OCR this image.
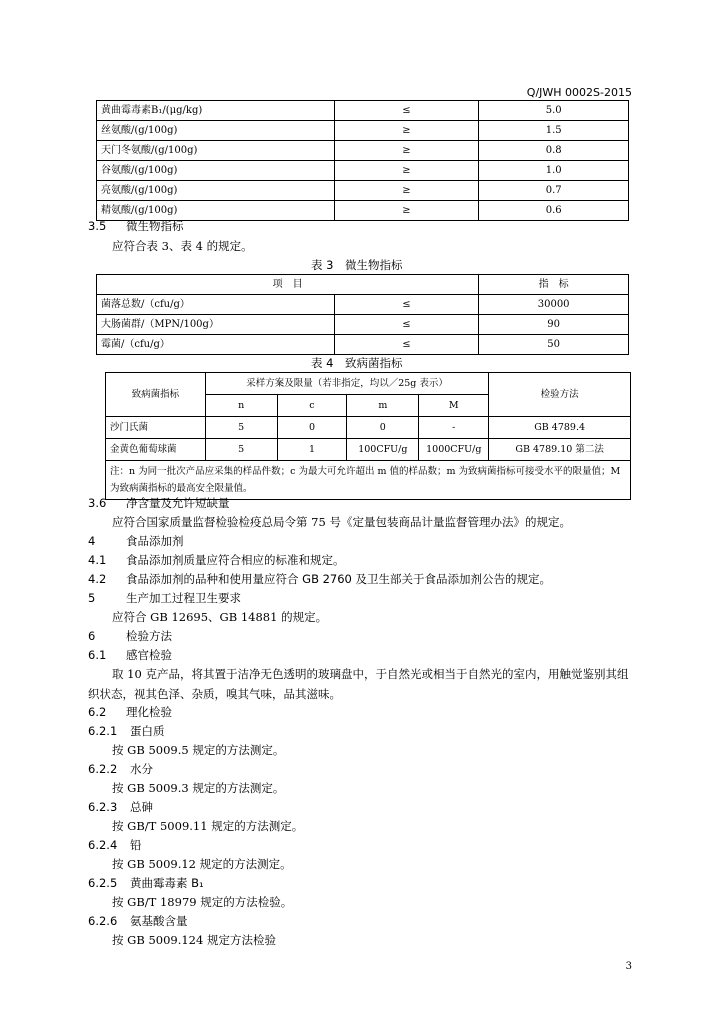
Q/JWH 0002S-2015
黄曲霉毒素B₁/(μg/kg)	≤	5.0
丝氨酸/(g/100g)	≥	1.5
天门冬氨酸/(g/100g)	≥	0.8
谷氨酸/(g/100g)	≥	1.0
亮氨酸/(g/100g)	≥	0.7
精氨酸/(g/100g)	≥	0.6
3.5 微生物指标
应符合表 3、表 4 的规定。
表 3　微生物指标
项　目		指　标
菌落总数/（cfu/g）	≤	30000
大肠菌群/（MPN/100g）	≤	90
霉菌/（cfu/g）	≤	50
表 4　致病菌指标
致病菌指标	采样方案及限量（若非指定，均以／25g 表示）				检验方法
	n	c	m	M	
沙门氏菌	5	0	0	-	GB 4789.4
金黄色葡萄球菌	5	1	100CFU/g	1000CFU/g	GB 4789.10 第二法
注：n 为同一批次产品应采集的样品件数；c 为最大可允许超出 m 值的样品数；m 为致病菌指标可接受水平的限量值；M 为致病菌指标的最高安全限量值。					
3.6 净含量及允许短缺量
应符合国家质量监督检验检疫总局令第 75 号《定量包装商品计量监督管理办法》的规定。
4	食品添加剂
4.1 食品添加剂质量应符合相应的标准和规定。
4.2 食品添加剂的品种和使用量应符合 GB 2760 及卫生部关于食品添加剂公告的规定。
5	生产加工过程卫生要求
应符合 GB 12695、GB 14881 的规定。
6	检验方法
6.1 感官检验
取 10 克产品，将其置于洁净无色透明的玻璃盘中，于自然光或相当于自然光的室内，用触觉鉴别其组织状态，视其色泽、杂质，嗅其气味，品其滋味。
6.2 理化检验
6.2.1 蛋白质
按 GB 5009.5 规定的方法测定。
6.2.2 水分
按 GB 5009.3 规定的方法测定。
6.2.3 总砷
按 GB/T 5009.11 规定的方法测定。
6.2.4 铅
按 GB 5009.12 规定的方法测定。
6.2.5 黄曲霉毒素 B₁
按 GB/T 18979 规定的方法检验。
6.2.6 氨基酸含量
按 GB 5009.124 规定方法检验
3
